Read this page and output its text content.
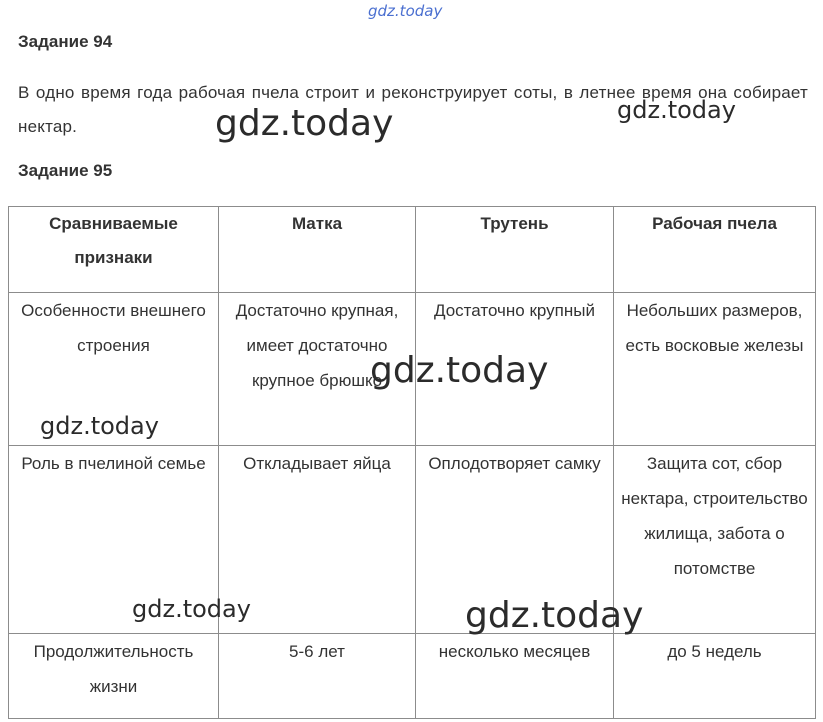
gdz.today
Задание 94
В одно время года рабочая пчела строит и реконструирует соты, в летнее время она собирает нектар.
Задание 95
Сравниваемые признаки	Матка	Трутень	Рабочая пчела
Особенности внешнего строения	Достаточно крупная, имеет достаточно крупное брюшко	Достаточно крупный	Небольших размеров, есть восковые железы
Роль в пчелиной семье	Откладывает яйца	Оплодотворяет самку	Защита сот, сбор нектара, строительство жилища, забота о потомстве
Продолжительность жизни	5-6 лет	несколько месяцев	до 5 недель
gdz.today	gdz.today
gdz.today
gdz.today
gdz.today	gdz.today
